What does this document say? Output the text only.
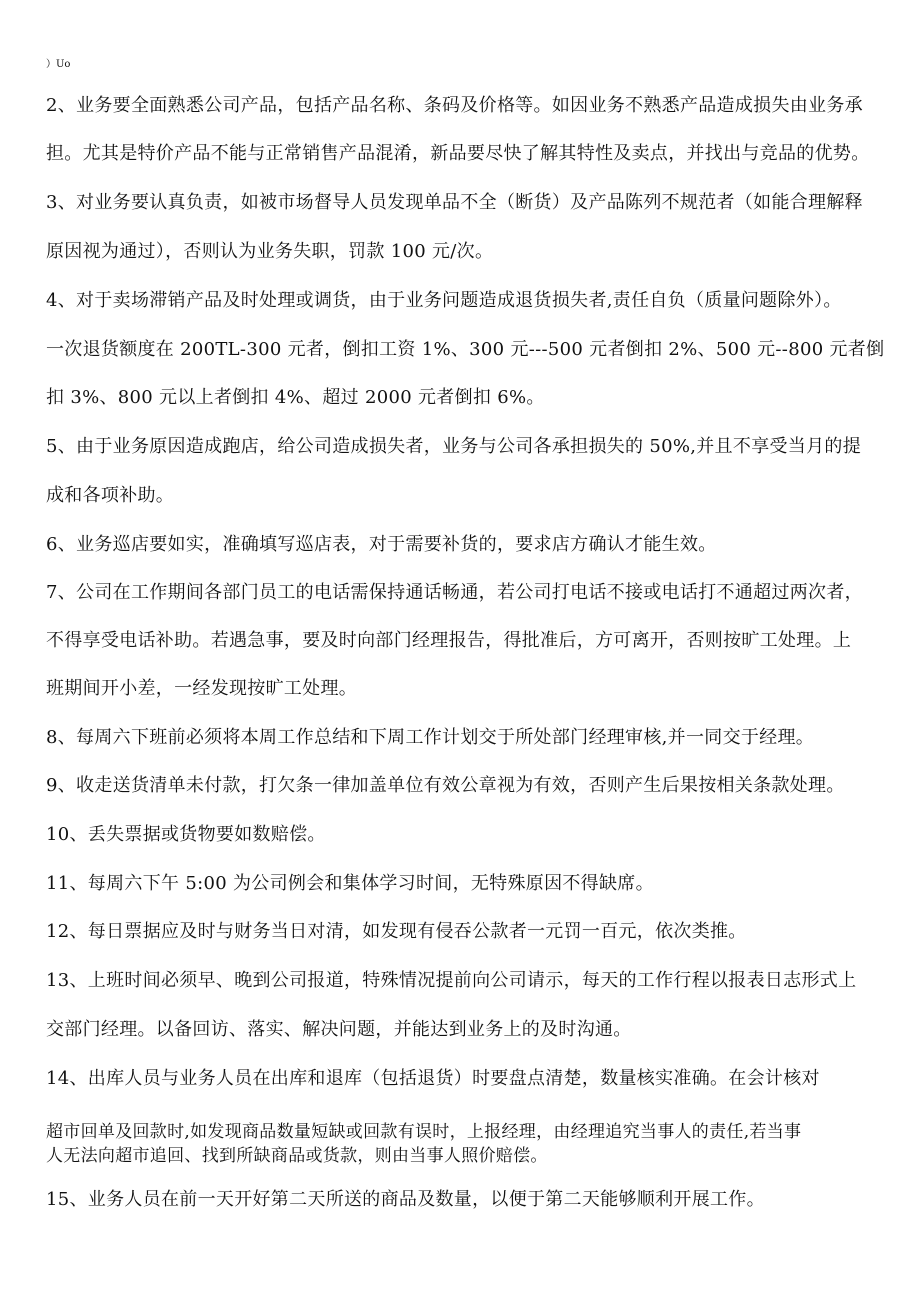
）Uo
2、业务要全面熟悉公司产品，包括产品名称、条码及价格等。如因业务不熟悉产品造成损失由业务承
担。尤其是特价产品不能与正常销售产品混淆，新品要尽快了解其特性及卖点，并找出与竞品的优势。
3、对业务要认真负责，如被市场督导人员发现单品不全（断货）及产品陈列不规范者（如能合理解释
原因视为通过），否则认为业务失职，罚款 100 元/次。
4、对于卖场滞销产品及时处理或调货，由于业务问题造成退货损失者,责任自负（质量问题除外）。
一次退货额度在 200TL-300 元者，倒扣工资 1%、300 元---500 元者倒扣 2%、500 元--800 元者倒
扣 3%、800 元以上者倒扣 4%、超过 2000 元者倒扣 6%。
5、由于业务原因造成跑店，给公司造成损失者，业务与公司各承担损失的 50%,并且不享受当月的提
成和各项补助。
6、业务巡店要如实，准确填写巡店表，对于需要补货的，要求店方确认才能生效。
7、公司在工作期间各部门员工的电话需保持通话畅通，若公司打电话不接或电话打不通超过两次者，
不得享受电话补助。若遇急事，要及时向部门经理报告，得批准后，方可离开，否则按旷工处理。上
班期间开小差，一经发现按旷工处理。
8、每周六下班前必须将本周工作总结和下周工作计划交于所处部门经理审核,并一同交于经理。
9、收走送货清单未付款，打欠条一律加盖单位有效公章视为有效，否则产生后果按相关条款处理。
10、丢失票据或货物要如数赔偿。
11、每周六下午 5:00 为公司例会和集体学习时间，无特殊原因不得缺席。
12、每日票据应及时与财务当日对清，如发现有侵吞公款者一元罚一百元，依次类推。
13、上班时间必须早、晚到公司报道，特殊情况提前向公司请示，每天的工作行程以报表日志形式上
交部门经理。以备回访、落实、解决问题，并能达到业务上的及时沟通。
14、出库人员与业务人员在出库和退库（包括退货）时要盘点清楚，数量核实准确。在会计核对
超市回单及回款时,如发现商品数量短缺或回款有误时，上报经理，由经理追究当事人的责任,若当事
人无法向超市追回、找到所缺商品或货款，则由当事人照价赔偿。
15、业务人员在前一天开好第二天所送的商品及数量，以便于第二天能够顺利开展工作。
